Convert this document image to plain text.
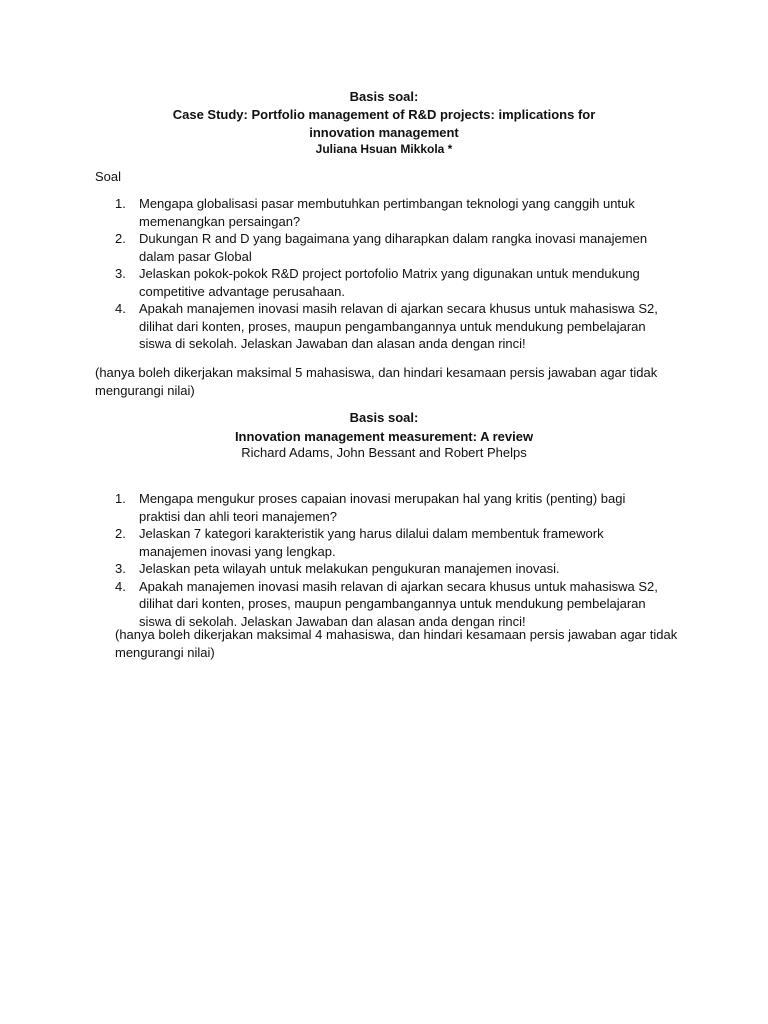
Basis soal:
Case Study: Portfolio management of R&D projects: implications for
innovation management
Juliana Hsuan Mikkola *
Soal
1. Mengapa globalisasi pasar membutuhkan pertimbangan teknologi yang canggih untuk memenangkan persaingan?
2. Dukungan R and D yang bagaimana yang diharapkan dalam rangka inovasi manajemen dalam pasar Global
3. Jelaskan pokok-pokok R&D project portofolio Matrix yang digunakan untuk mendukung competitive advantage perusahaan.
4. Apakah manajemen inovasi masih relavan di ajarkan secara khusus untuk mahasiswa S2, dilihat dari konten, proses, maupun pengambangannya untuk mendukung pembelajaran siswa di sekolah. Jelaskan Jawaban dan alasan anda dengan rinci!
(hanya boleh dikerjakan maksimal 5 mahasiswa, dan hindari kesamaan persis jawaban agar tidak mengurangi nilai)
Basis soal:
Innovation management measurement: A review
Richard Adams, John Bessant and Robert Phelps
1. Mengapa mengukur proses capaian inovasi merupakan hal yang kritis (penting) bagi praktisi dan ahli teori manajemen?
2. Jelaskan 7 kategori karakteristik yang harus dilalui dalam membentuk framework manajemen inovasi yang lengkap.
3. Jelaskan peta wilayah untuk melakukan pengukuran manajemen inovasi.
4. Apakah manajemen inovasi masih relavan di ajarkan secara khusus untuk mahasiswa S2, dilihat dari konten, proses, maupun pengambangannya untuk mendukung pembelajaran siswa di sekolah. Jelaskan Jawaban dan alasan anda dengan rinci!
(hanya boleh dikerjakan maksimal 4 mahasiswa, dan hindari kesamaan persis jawaban agar tidak mengurangi nilai)
